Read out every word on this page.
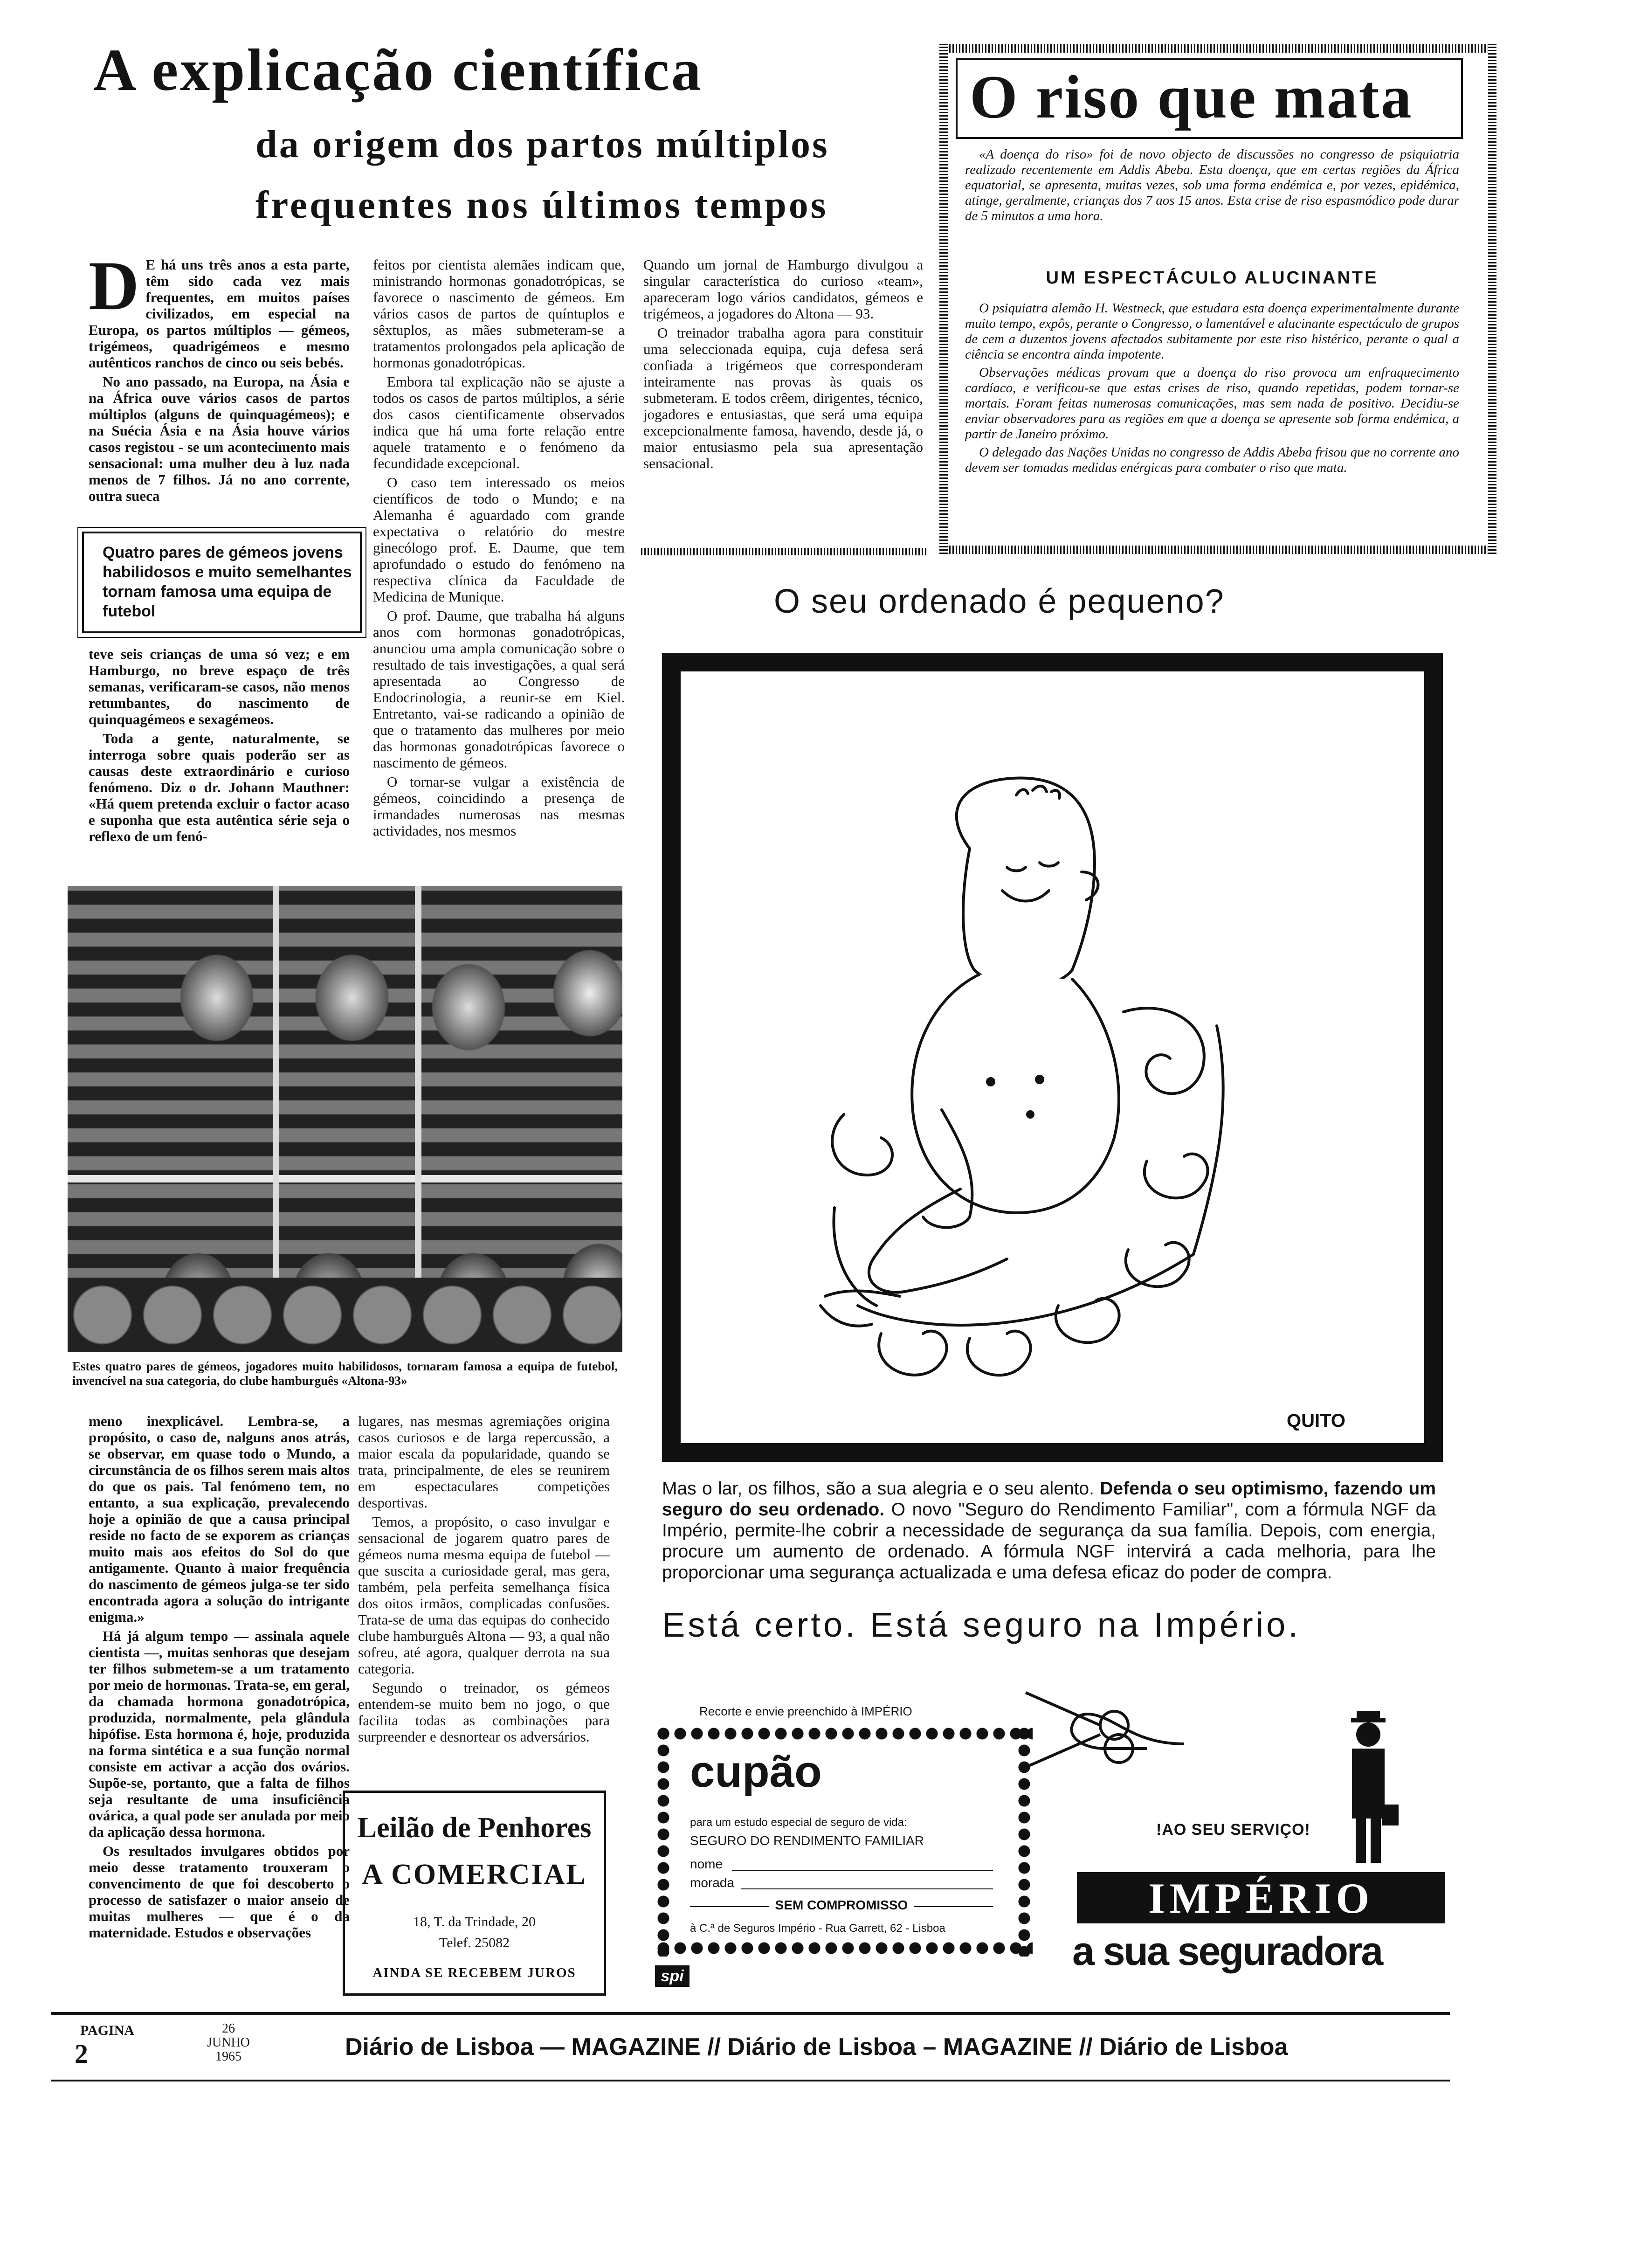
A explicação científica
da origem dos partos múltiplos
frequentes nos últimos tempos
D E há uns três anos a esta parte, têm sido cada vez mais frequentes, em muitos países civilizados, em especial na Europa, os partos múltiplos — gémeos, trigémeos, quadrigémeos e mesmo autênticos ranchos de cinco ou seis bebés.

No ano passado, na Europa, na Ásia e na África ouve vários casos de partos múltiplos (alguns de quinquagémeos); e na Suécia Ásia e na Ásia houve vários casos registou - se um acontecimento mais sensacional: uma mulher deu à luz nada menos de 7 filhos. Já no ano corrente, outra sueca

Quatro pares de gémeos jovens habilidosos e muito semelhantes tornam famosa uma equipa de futebol

teve seis crianças de uma só vez; e em Hamburgo, no breve espaço de três semanas, verificaram-se casos, não menos retumbantes, do nascimento de quinquagémeos e sexagémeos.

Toda a gente, naturalmente, se interroga sobre quais poderão ser as causas deste extraordinário e curioso fenómeno. Diz o dr. Johann Mauthner: «Há quem pretenda excluir o factor acaso e suponha que esta autêntica série seja o reflexo de um fenó-

feitos por cientista alemães indicam que, ministrando hormonas gonadotrópicas, se favorece o nascimento de gémeos. Em vários casos de partos de quíntuplos e sêxtuplos, as mães submeteram-se a tratamentos prolongados pela aplicação de hormonas gonadotrópicas.

Embora tal explicação não se ajuste a todos os casos de partos múltiplos, a série dos casos cientificamente observados indica que há uma forte relação entre aquele tratamento e o fenómeno da fecundidade excepcional.

O caso tem interessado os meios científicos de todo o Mundo; e na Alemanha é aguardado com grande expectativa o relatório do mestre ginecólogo prof. E. Daume, que tem aprofundado o estudo do fenómeno na respectiva clínica da Faculdade de Medicina de Munique.

O prof. Daume, que trabalha há alguns anos com hormonas gonadotrópicas, anunciou uma ampla comunicação sobre o resultado de tais investigações, a qual será apresentada ao Congresso de Endocrinologia, a reunir-se em Kiel. Entretanto, vai-se radicando a opinião de que o tratamento das mulheres por meio das hormonas gonadotrópicas favorece o nascimento de gémeos.

O tornar-se vulgar a existência de gémeos, coincidindo a presença de irmandades numerosas nas mesmas actividades, nos mesmos

Quando um jornal de Hamburgo divulgou a singular característica do curioso «team», apareceram logo vários candidatos, gémeos e trigémeos, a jogadores do Altona — 93.

O treinador trabalha agora para constituir uma seleccionada equipa, cuja defesa será confiada a trigémeos que corresponderam inteiramente nas provas às quais os submeteram. E todos crêem, dirigentes, técnico, jogadores e entusiastas, que será uma equipa excepcionalmente famosa, havendo, desde já, o maior entusiasmo pela sua apresentação sensacional.

O riso que mata

«A doença do riso» foi de novo objecto de discussões no congresso de psiquiatria realizado recentemente em Addis Abeba. Esta doença, que em certas regiões da África equatorial, se apresenta, muitas vezes, sob uma forma endémica e, por vezes, epidémica, atinge, geralmente, crianças dos 7 aos 15 anos. Esta crise de riso espasmódico pode durar de 5 minutos a uma hora.

UM ESPECTÁCULO ALUCINANTE

O psiquiatra alemão H. Westneck, que estudara esta doença experimentalmente durante muito tempo, expôs, perante o Congresso, o lamentável e alucinante espectáculo de grupos de cem a duzentos jovens afectados subitamente por este riso histérico, perante o qual a ciência se encontra ainda impotente.

Observações médicas provam que a doença do riso provoca um enfraquecimento cardíaco, e verificou-se que estas crises de riso, quando repetidas, podem tornar-se mortais. Foram feitas numerosas comunicações, mas sem nada de positivo. Decidiu-se enviar observadores para as regiões em que a doença se apresente sob forma endémica, a partir de Janeiro próximo.

O delegado das Nações Unidas no congresso de Addis Abeba frisou que no corrente ano devem ser tomadas medidas enérgicas para combater o riso que mata.

Estes quatro pares de gémeos, jogadores muito habilidosos, tornaram famosa a equipa de futebol, invencível na sua categoria, do clube hamburguês «Altona-93»

meno inexplicável. Lembra-se, a propósito, o caso de, nalguns anos atrás, se observar, em quase todo o Mundo, a circunstância de os filhos serem mais altos do que os pais. Tal fenómeno tem, no entanto, a sua explicação, prevalecendo hoje a opinião de que a causa principal reside no facto de se exporem as crianças muito mais aos efeitos do Sol do que antigamente. Quanto à maior frequência do nascimento de gémeos julga-se ter sido encontrada agora a solução do intrigante enigma.»

Há já algum tempo — assinala aquele cientista —, muitas senhoras que desejam ter filhos submetem-se a um tratamento por meio de hormonas. Trata-se, em geral, da chamada hormona gonadotrópica, produzida, normalmente, pela glândula hipófise. Esta hormona é, hoje, produzida na forma sintética e a sua função normal consiste em activar a acção dos ovários. Supõe-se, portanto, que a falta de filhos seja resultante de uma insuficiência ovárica, a qual pode ser anulada por meio da aplicação dessa hormona.

Os resultados invulgares obtidos por meio desse tratamento trouxeram o convencimento de que foi descoberto o processo de satisfazer o maior anseio de muitas mulheres — que é o da maternidade. Estudos e observações

lugares, nas mesmas agremiações origina casos curiosos e de larga repercussão, a maior escala da popularidade, quando se trata, principalmente, de eles se reunirem em espectaculares competições desportivas.

Temos, a propósito, o caso invulgar e sensacional de jogarem quatro pares de gémeos numa mesma equipa de futebol — que suscita a curiosidade geral, mas gera, também, pela perfeita semelhança física dos oitos irmãos, complicadas confusões. Trata-se de uma das equipas do conhecido clube hamburguês Altona — 93, a qual não sofreu, até agora, qualquer derrota na sua categoria.

Segundo o treinador, os gémeos entendem-se muito bem no jogo, o que facilita todas as combinações para surpreender e desnortear os adversários.

Leilão de Penhores
A COMERCIAL
18, T. da Trindade, 20
Telef. 25082
AINDA SE RECEBEM JUROS
O seu ordenado é pequeno?
QUITO
Mas o lar, os filhos, são a sua alegria e o seu alento. Defenda o seu optimismo, fazendo um seguro do seu ordenado. O novo "Seguro do Rendimento Familiar", com a fórmula NGF da Império, permite-lhe cobrir a necessidade de segurança da sua família. Depois, com energia, procure um aumento de ordenado. A fórmula NGF intervirá a cada melhoria, para lhe proporcionar uma segurança actualizada e uma defesa eficaz do poder de compra.
Está certo. Está seguro na Império.
Recorte e envie preenchido à IMPÉRIO
cupão
para um estudo especial de seguro de vida:
SEGURO DO RENDIMENTO FAMILIAR
nome
morada
SEM COMPROMISSO
à C.ª de Seguros Império - Rua Garrett, 62 - Lisboa
spi
!AO SEU SERVIÇO!
IMPÉRIO
a sua seguradora
PAGINA
2
26
JUNHO
1965	Diário de Lisboa — MAGAZINE // Diário de Lisboa – MAGAZINE // Diário de Lisboa
